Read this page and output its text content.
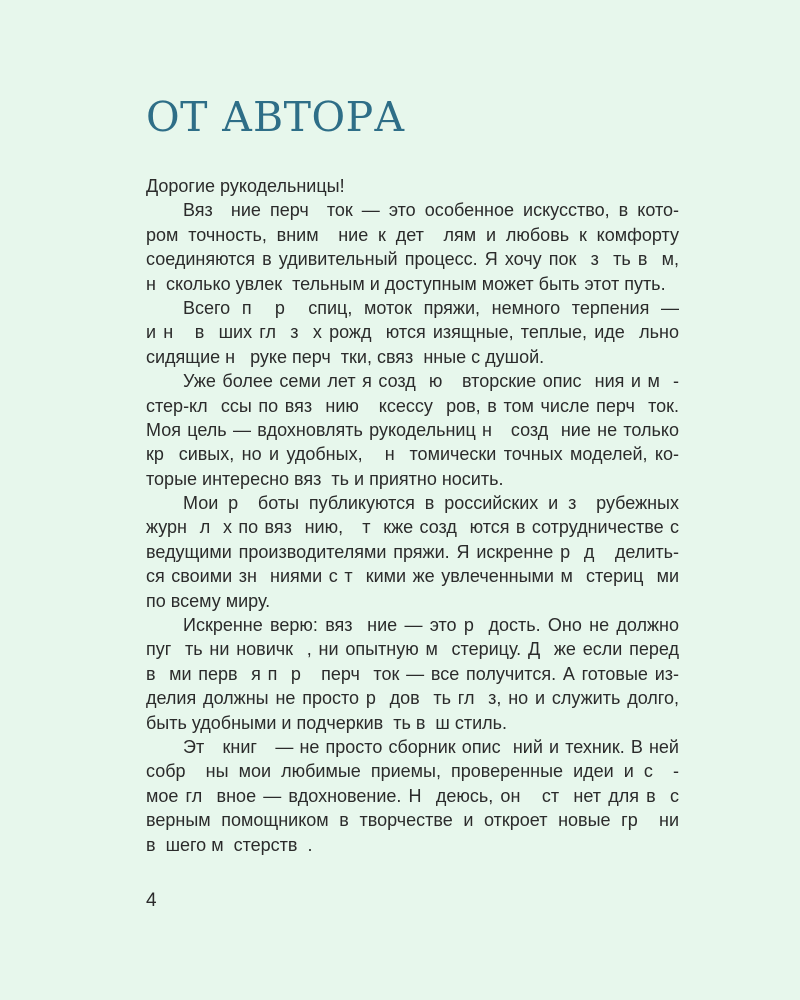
ОТ АВТОРА
Дорогие рукодельницы!
Вяз  ние перч  ток — это особенное искусство, в кото-
ром точность, вним  ние к дет  лям и любовь к комфорту
соединяются в удивительный процесс. Я хочу пок  з  ть в  м,
н  сколько увлек  тельным и доступным может быть этот путь.
Всего п  р  спиц, моток пряжи, немного терпения —
и н   в  ших гл  з  х рожд  ются изящные, теплые, иде  льно
сидящие н   руке перч  тки, связ  нные с душой.
Уже более семи лет я созд  ю   вторские опис  ния и м  -
стер-кл  ссы по вяз  нию   ксессу  ров, в том числе перч  ток.
Моя цель — вдохновлять рукодельниц н   созд  ние не только
кр  сивых, но и удобных,   н  томически точных моделей, ко-
торые интересно вяз  ть и приятно носить.
Мои р  боты публикуются в российских и з  рубежных
журн  л  х по вяз  нию,   т  кже созд  ются в сотрудничестве с
ведущими производителями пряжи. Я искренне р  д   делить-
ся своими зн  ниями с т  кими же увлеченными м  стериц  ми
по всему миру.
Искренне верю: вяз  ние — это р  дость. Оно не должно
пуг  ть ни новичк  , ни опытную м  стерицу. Д  же если перед
в  ми перв  я п  р   перч  ток — все получится. А готовые из-
делия должны не просто р  дов  ть гл  з, но и служить долго,
быть удобными и подчеркив  ть в  ш стиль.
Эт   книг   — не просто сборник опис  ний и техник. В ней
собр  ны мои любимые приемы, проверенные идеи и с  -
мое гл  вное — вдохновение. Н  деюсь, он   ст  нет для в  с
верным помощником в творчестве и откроет новые гр  ни
в  шего м  стерств  .
4
